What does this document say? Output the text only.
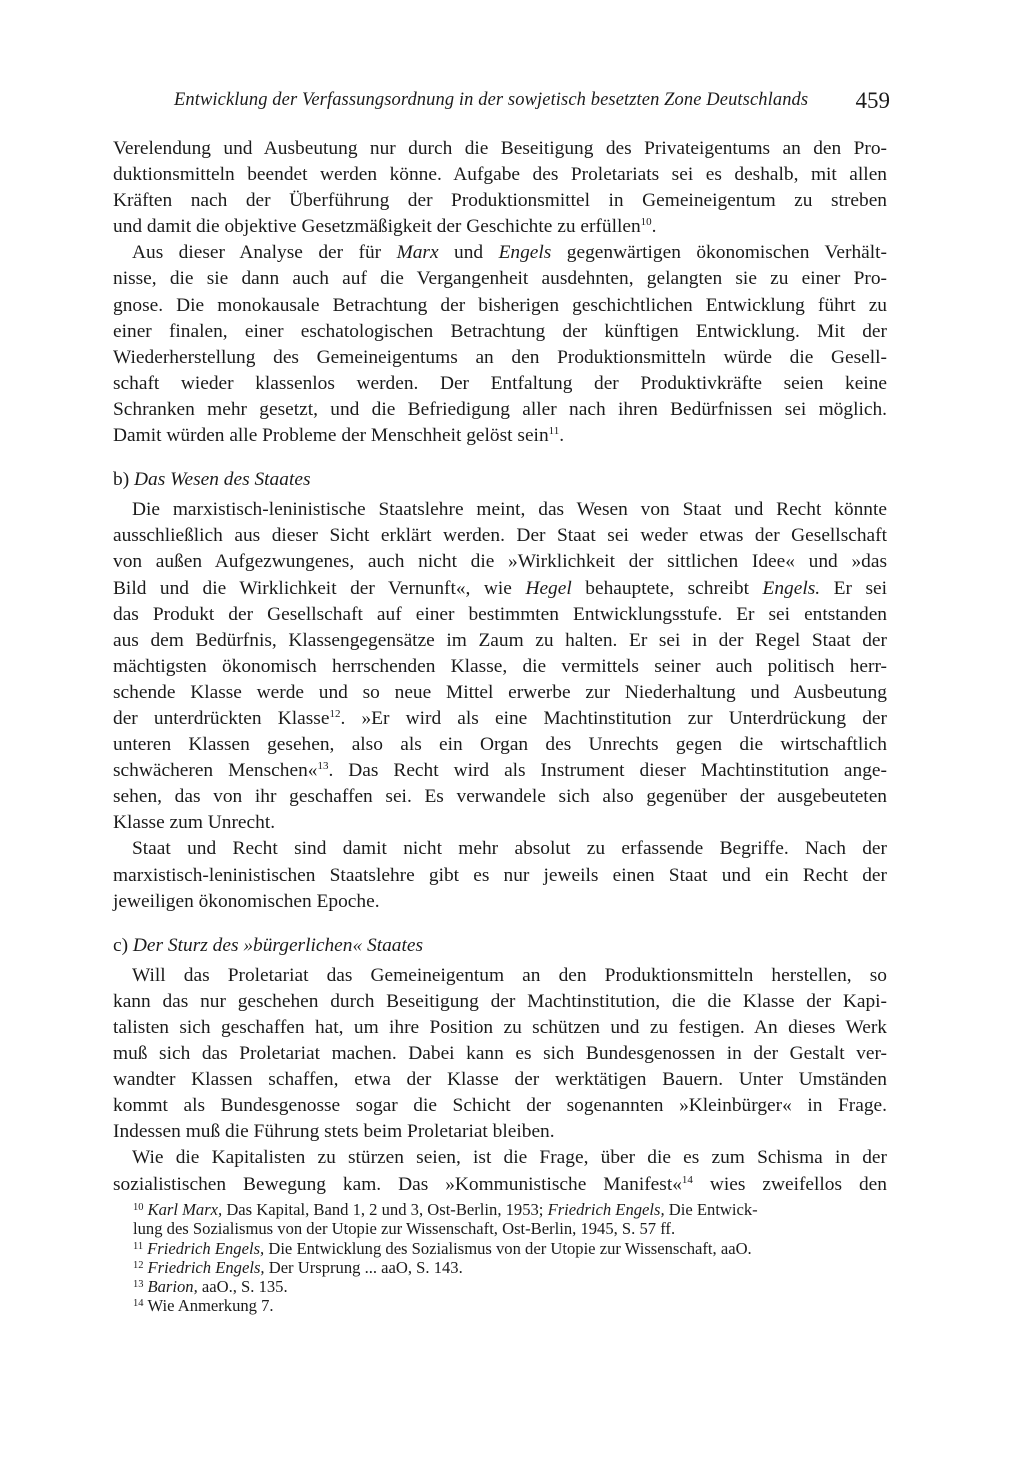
Entwicklung der Verfassungsordnung in der sowjetisch besetzten Zone Deutschlands 459
Verelendung und Ausbeutung nur durch die Beseitigung des Privateigentums an den Pro-
duktionsmitteln beendet werden könne. Aufgabe des Proletariats sei es deshalb, mit allen
Kräften nach der Überführung der Produktionsmittel in Gemeineigentum zu streben
und damit die objektive Gesetzmäßigkeit der Geschichte zu erfüllen$^{10}$.
Aus dieser Analyse der für Marx und Engels gegenwärtigen ökonomischen Verhält-
nisse, die sie dann auch auf die Vergangenheit ausdehnten, gelangten sie zu einer Pro-
gnose. Die monokausale Betrachtung der bisherigen geschichtlichen Entwicklung führt zu
einer finalen, einer eschatologischen Betrachtung der künftigen Entwicklung. Mit der
Wiederherstellung des Gemeineigentums an den Produktionsmitteln würde die Gesell-
schaft wieder klassenlos werden. Der Entfaltung der Produktivkräfte seien keine
Schranken mehr gesetzt, und die Befriedigung aller nach ihren Bedürfnissen sei möglich.
Damit würden alle Probleme der Menschheit gelöst sein$^{11}$.
b) Das Wesen des Staates
Die marxistisch-leninistische Staatslehre meint, das Wesen von Staat und Recht könnte
ausschließlich aus dieser Sicht erklärt werden. Der Staat sei weder etwas der Gesellschaft
von außen Aufgezwungenes, auch nicht die »Wirklichkeit der sittlichen Idee« und »das
Bild und die Wirklichkeit der Vernunft«, wie Hegel behauptete, schreibt Engels. Er sei
das Produkt der Gesellschaft auf einer bestimmten Entwicklungsstufe. Er sei entstanden
aus dem Bedürfnis, Klassengegensätze im Zaum zu halten. Er sei in der Regel Staat der
mächtigsten ökonomisch herrschenden Klasse, die vermittels seiner auch politisch herr-
schende Klasse werde und so neue Mittel erwerbe zur Niederhaltung und Ausbeutung
der unterdrückten Klasse$^{12}$. »Er wird als eine Machtinstitution zur Unterdrückung der
unteren Klassen gesehen, also als ein Organ des Unrechts gegen die wirtschaftlich
schwächeren Menschen«$^{13}$. Das Recht wird als Instrument dieser Machtinstitution ange-
sehen, das von ihr geschaffen sei. Es verwandele sich also gegenüber der ausgebeuteten
Klasse zum Unrecht.
Staat und Recht sind damit nicht mehr absolut zu erfassende Begriffe. Nach der
marxistisch-leninistischen Staatslehre gibt es nur jeweils einen Staat und ein Recht der
jeweiligen ökonomischen Epoche.
c) Der Sturz des »bürgerlichen« Staates
Will das Proletariat das Gemeineigentum an den Produktionsmitteln herstellen, so
kann das nur geschehen durch Beseitigung der Machtinstitution, die die Klasse der Kapi-
talisten sich geschaffen hat, um ihre Position zu schützen und zu festigen. An dieses Werk
muß sich das Proletariat machen. Dabei kann es sich Bundesgenossen in der Gestalt ver-
wandter Klassen schaffen, etwa der Klasse der werktätigen Bauern. Unter Umständen
kommt als Bundesgenosse sogar die Schicht der sogenannten »Kleinbürger« in Frage.
Indessen muß die Führung stets beim Proletariat bleiben.
Wie die Kapitalisten zu stürzen seien, ist die Frage, über die es zum Schisma in der
sozialistischen Bewegung kam. Das »Kommunistische Manifest«$^{14}$ wies zweifellos den
$^{10}$ Karl Marx, Das Kapital, Band 1, 2 und 3, Ost-Berlin, 1953; Friedrich Engels, Die Entwick-
lung des Sozialismus von der Utopie zur Wissenschaft, Ost-Berlin, 1945, S. 57 ff.
$^{11}$ Friedrich Engels, Die Entwicklung des Sozialismus von der Utopie zur Wissenschaft, aaO.
$^{12}$ Friedrich Engels, Der Ursprung ... aaO, S. 143.
$^{13}$ Barion, aaO., S. 135.
$^{14}$ Wie Anmerkung 7.
